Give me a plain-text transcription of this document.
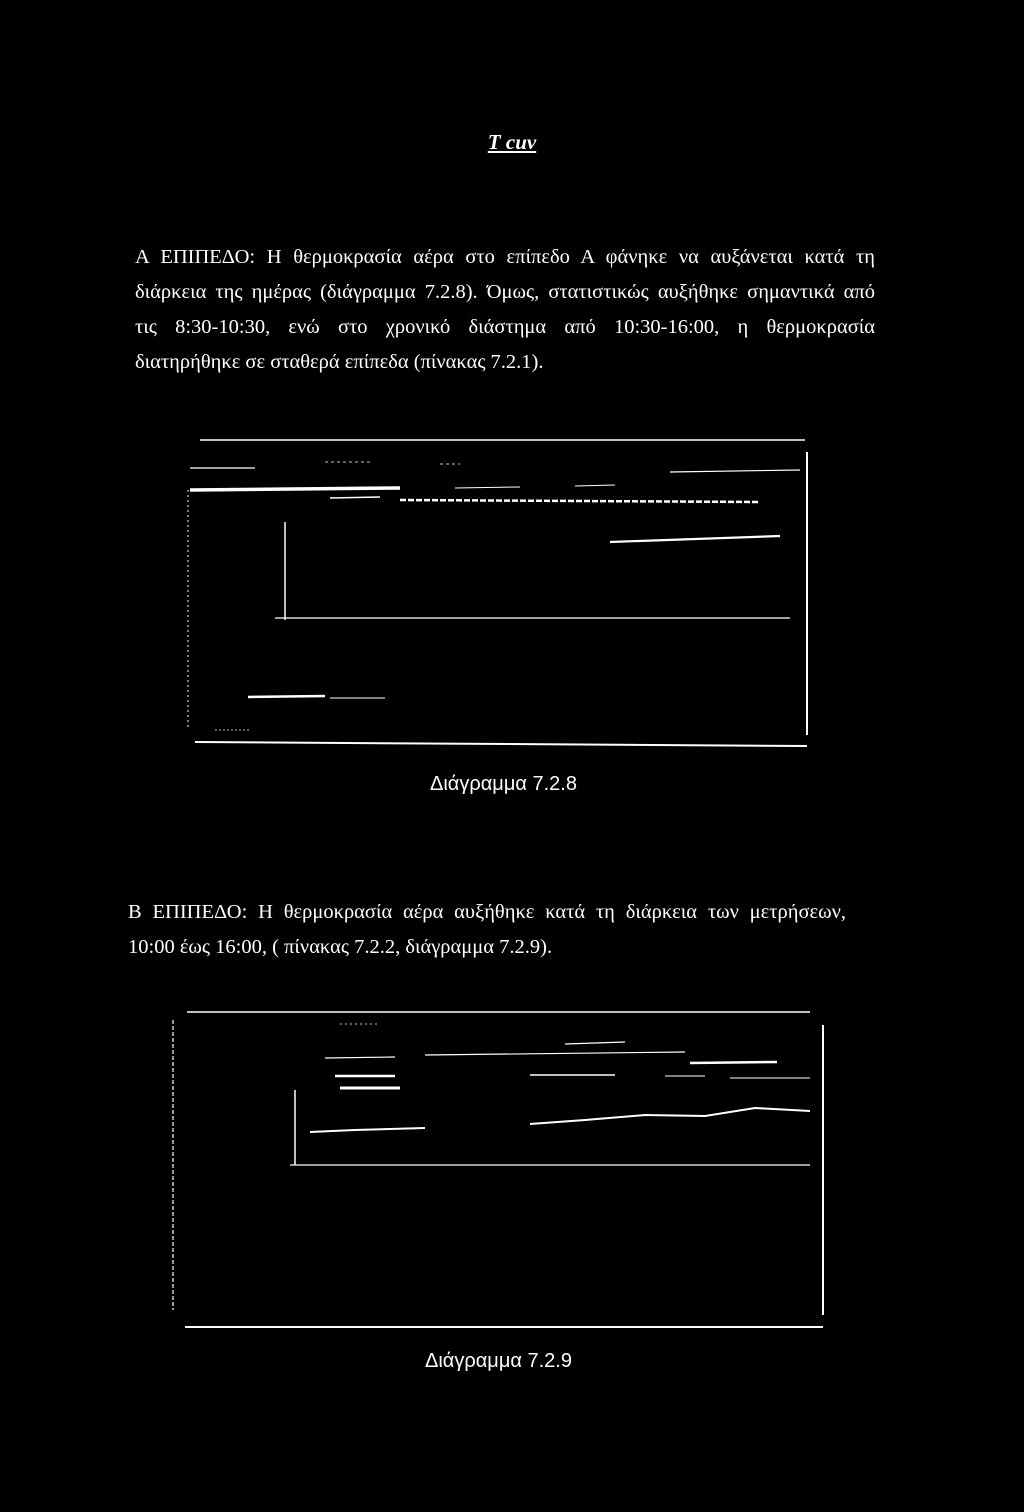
T cuv
Α ΕΠΙΠΕΔΟ: Η θερμοκρασία αέρα στο επίπεδο Α φάνηκε να αυξάνεται κατά τη
διάρκεια της ημέρας (διάγραμμα 7.2.8). Όμως, στατιστικώς αυξήθηκε σημαντικά από
τις 8:30-10:30, ενώ στο χρονικό διάστημα από 10:30-16:00, η θερμοκρασία
διατηρήθηκε σε σταθερά επίπεδα (πίνακας 7.2.1).
Διάγραμμα 7.2.8
Β ΕΠΙΠΕΔΟ: Η θερμοκρασία αέρα αυξήθηκε κατά τη διάρκεια των μετρήσεων,
10:00 έως 16:00, ( πίνακας 7.2.2, διάγραμμα 7.2.9).
Διάγραμμα 7.2.9
